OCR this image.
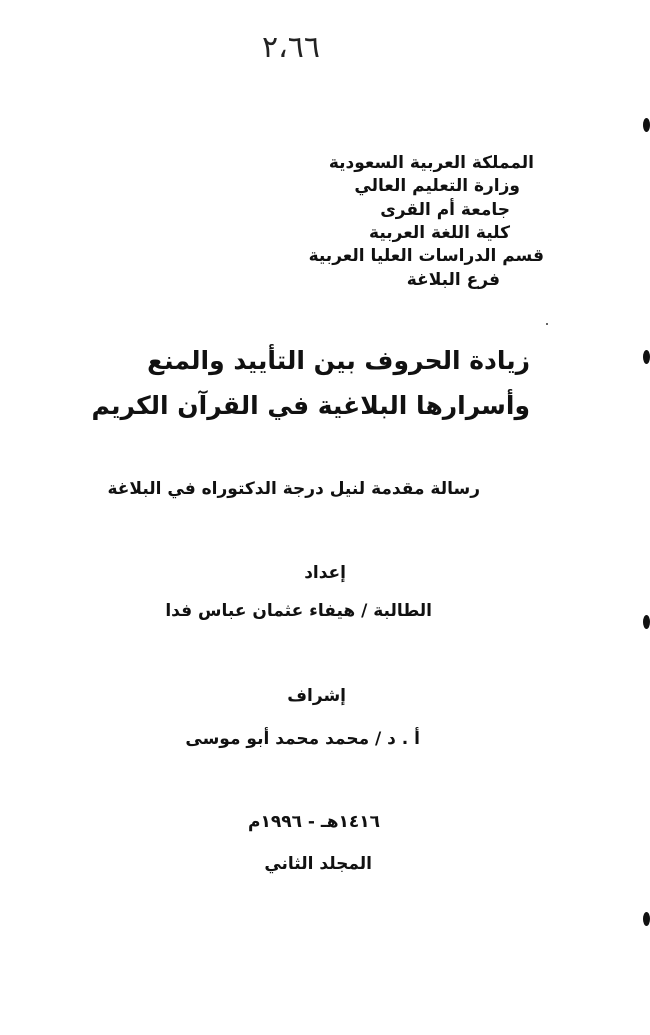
٢،٦٦
المملكة العربية السعودية
وزارة التعليم العالي
جامعة أم القرى
كلية اللغة العربية
قسم الدراسات العليا العربية
فرع البلاغة
زيادة الحروف بين التأييد والمنع
وأسرارها البلاغية في القرآن الكريم
رسالة مقدمة لنيل درجة الدكتوراه في البلاغة
إعداد
الطالبة / هيفاء عثمان عباس فدا
إشراف
أ . د / محمد محمد أبو موسى
١٤١٦هـ - ١٩٩٦م
المجلد الثاني
